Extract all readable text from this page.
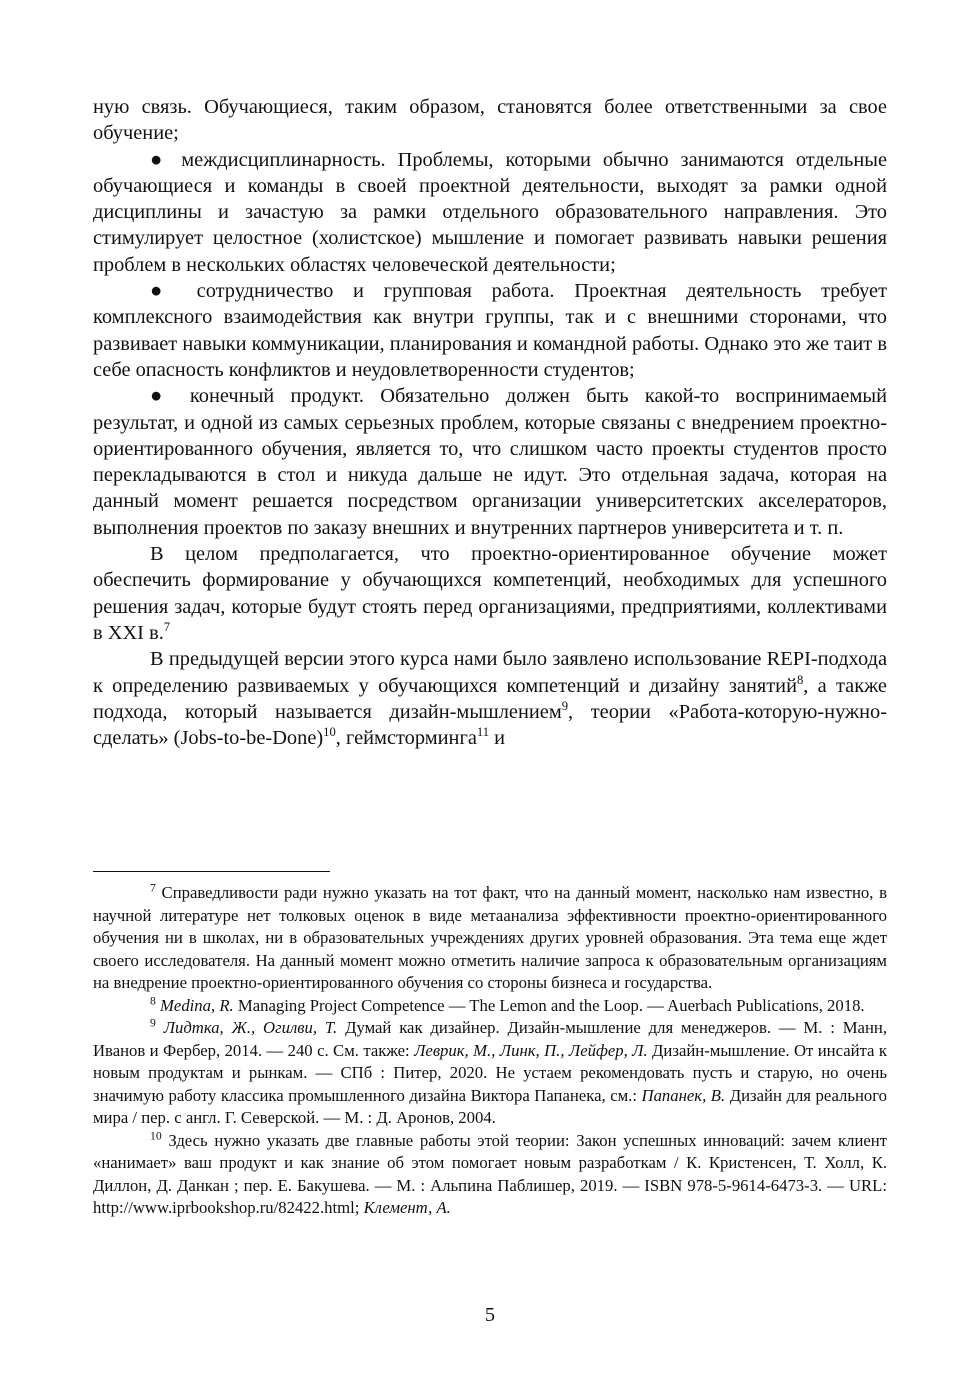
ную связь. Обучающиеся, таким образом, становятся более ответственными за свое обучение;

● междисциплинарность. Проблемы, которыми обычно занимаются отдельные обучающиеся и команды в своей проектной деятельности, выходят за рамки одной дисциплины и зачастую за рамки отдельного образовательного направления. Это стимулирует целостное (холистское) мышление и помогает развивать навыки решения проблем в нескольких областях человеческой деятельности;

● сотрудничество и групповая работа. Проектная деятельность требует комплексного взаимодействия как внутри группы, так и с внешними сторонами, что развивает навыки коммуникации, планирования и командной работы. Однако это же таит в себе опасность конфликтов и неудовлетворенности студентов;

● конечный продукт. Обязательно должен быть какой-то воспринимаемый результат, и одной из самых серьезных проблем, которые связаны с внедрением проектно-ориентированного обучения, является то, что слишком часто проекты студентов просто перекладываются в стол и никуда дальше не идут. Это отдельная задача, которая на данный момент решается посредством организации университетских акселераторов, выполнения проектов по заказу внешних и внутренних партнеров университета и т. п.

В целом предполагается, что проектно-ориентированное обучение может обеспечить формирование у обучающихся компетенций, необходимых для успешного решения задач, которые будут стоять перед организациями, предприятиями, коллективами в XXI в.$^7$

В предыдущей версии этого курса нами было заявлено использование REPI-подхода к определению развиваемых у обучающихся компетенций и дизайну занятий$^8$, а также подхода, который называется дизайн-мышлением$^9$, теории «Работа-которую-нужно-сделать» (Jobs-to-be-Done)$^{10}$, геймсторминга$^{11}$ и

$^7$ Справедливости ради нужно указать на тот факт, что на данный момент, насколько нам известно, в научной литературе нет толковых оценок в виде метаанализа эффективности проектно-ориентированного обучения ни в школах, ни в образовательных учреждениях других уровней образования. Эта тема еще ждет своего исследователя. На данный момент можно отметить наличие запроса к образовательным организациям на внедрение проектно-ориентированного обучения со стороны бизнеса и государства.

$^8$ Medina, R. Managing Project Competence — The Lemon and the Loop. — Auerbach Publications, 2018.

$^9$ Лидтка, Ж., Огилви, Т. Думай как дизайнер. Дизайн-мышление для менеджеров. — М. : Манн, Иванов и Фербер, 2014. — 240 с. См. также: Леврик, М., Линк, П., Лейфер, Л. Дизайн-мышление. От инсайта к новым продуктам и рынкам. — СПб : Питер, 2020. Не устаем рекомендовать пусть и старую, но очень значимую работу классика промышленного дизайна Виктора Папанека, см.: Папанек, В. Дизайн для реального мира / пер. с англ. Г. Северской. — М. : Д. Аронов, 2004.

$^{10}$ Здесь нужно указать две главные работы этой теории: Закон успешных инноваций: зачем клиент «нанимает» ваш продукт и как знание об этом помогает новым разработкам / К. Кристенсен, Т. Холл, К. Диллон, Д. Данкан ; пер. Е. Бакушева. — М. : Альпина Паблишер, 2019. — ISBN 978-5-9614-6473-3. — URL: http://www.iprbookshop.ru/82422.html; Клемент, А.

5
